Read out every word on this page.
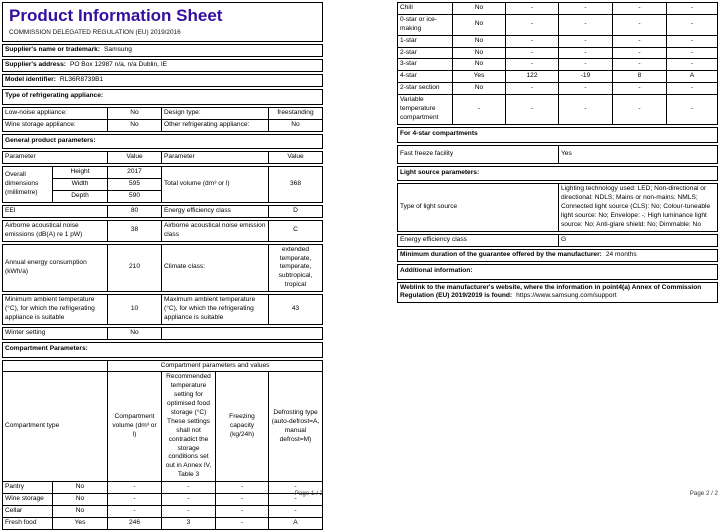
Product Information Sheet
COMMISSION DELEGATED REGULATION (EU) 2019/2016
Supplier's name or trademark: Samsung
Supplier's address: PO Box 12987 n/a, n/a Dublin, IE
Model identifier: RL36R8739B1
Type of refrigerating appliance:
Low-noise appliance:	No	Design type:	freestanding
Wine storage appliance:	No	Other refrigerating appliance:	No
General product parameters:
Parameter	Value	Parameter	Value
Overall dimensions (millimetre)	Height	2017	Total volume (dm³ or l)	368
	Width	595		
	Depth	590		
EEI	80	Energy efficiency class	D
Airborne acoustical noise emissions (dB(A) re 1 pW)	38	Airborne acoustical noise emission class	C
Annual energy consumption (kWh/a)	210	Climate class:	extended temperate, temperate, subtropical, tropical
Minimum ambient temperature (°C), for which the refrigerating appliance is suitable	10	Maximum ambient temperature (°C), for which the refrigerating appliance is suitable	43
Winter setting	No	
Compartment Parameters:
		Compartment parameters and values			
Compartment type		Compartment volume (dm³ or l)	Recommended temperature setting for optimised food storage (°C) These settings shall not contradict the storage conditions set out in Annex IV, Table 3	Freezing capacity (kg/24h)	Defrosting type (auto-defrost=A, manual defrost=M)
Pantry	No	-	-	-	-
Wine storage	No	-	-	-	-
Cellar	No	-	-	-	-
Fresh food	Yes	246	3	-	A
Chill	No	-	-	-	-
0-star or ice-making	No	-	-	-	-
1-star	No	-	-	-	-
2-star	No	-	-	-	-
3-star	No	-	-	-	-
4-star	Yes	122	-19	8	A
2-star section	No	-	-	-	-
Variable temperature compartment	-	-	-	-	-
For 4-star compartments
Fast freeze facility	Yes
Light source parameters:
Type of light source	Lighting technology used: LED; Non-directional or directional: NDLS; Mains or non-mains: NMLS; Connected light source (CLS): No; Colour-tuneable light source: No; Envelope: -; High luminance light source: No; Anti-glare shield: No; Dimmable: No
Energy efficiency class	G
Minimum duration of the guarantee offered by the manufacturer: 24 months
Additional information:
Weblink to the manufacturer's website, where the information in point4(a) Annex of Commission Regulation (EU) 2019/2019 is found: https://www.samsung.com/support
Page 1 / 2	Page 2 / 2
